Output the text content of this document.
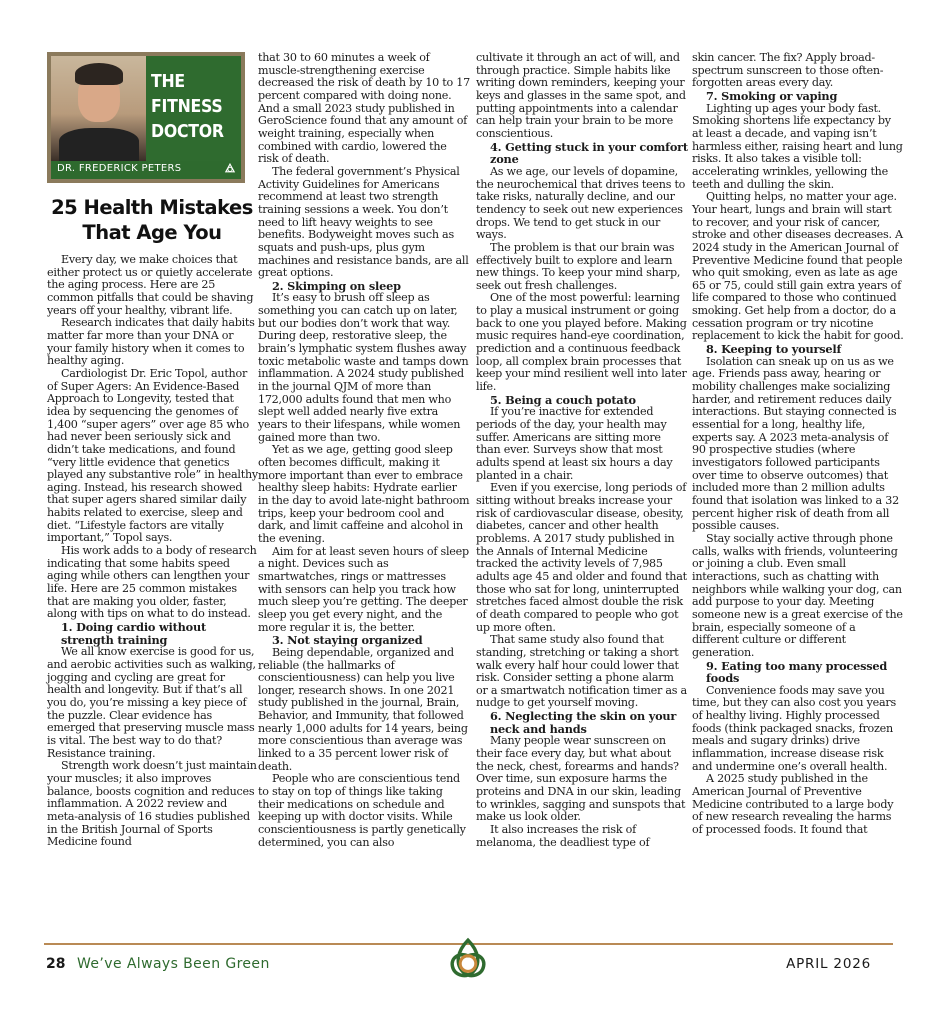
THE FITNESS
DOCTOR
DR. FREDERICK PETERS
25 Health Mistakes
That Age You

Every day, we make choices that either protect us or quietly accelerate the aging process. Here are 25 common pitfalls that could be shaving years off your healthy, vibrant life.

Research indicates that daily habits matter far more than your DNA or your family history when it comes to healthy aging.

Cardiologist Dr. Eric Topol, author of Super Agers: An Evidence-Based Approach to Longevity, tested that idea by sequencing the genomes of 1,400 “super agers” over age 85 who had never been seriously sick and didn’t take medications, and found “very little evidence that genetics played any substantive role” in healthy aging. Instead, his research showed that super agers shared similar daily habits related to exercise, sleep and diet. “Lifestyle factors are vitally important,” Topol says.

His work adds to a body of research indicating that some habits speed aging while others can lengthen your life. Here are 25 common mistakes that are making you older, faster, along with tips on what to do instead.

1. Doing cardio without strength training

We all know exercise is good for us, and aerobic activities such as walking, jogging and cycling are great for health and longevity. But if that’s all you do, you’re missing a key piece of the puzzle. Clear evidence has emerged that preserving muscle mass is vital. The best way to do that? Resistance training.

Strength work doesn’t just maintain your muscles; it also improves balance, boosts cognition and reduces inflammation. A 2022 review and meta-analysis of 16 studies published in the British Journal of Sports Medicine found

that 30 to 60 minutes a week of muscle-strengthening exercise decreased the risk of death by 10 to 17 percent compared with doing none. And a small 2023 study published in GeroScience found that any amount of weight training, especially when combined with cardio, lowered the risk of death.

The federal government’s Physical Activity Guidelines for Americans recommend at least two strength training sessions a week. You don’t need to lift heavy weights to see benefits. Bodyweight moves such as squats and push-ups, plus gym machines and resistance bands, are all great options.

2. Skimping on sleep

It’s easy to brush off sleep as something you can catch up on later, but our bodies don’t work that way. During deep, restorative sleep, the brain’s lymphatic system flushes away toxic metabolic waste and tamps down inflammation. A 2024 study published in the journal QJM of more than 172,000 adults found that men who slept well added nearly five extra years to their lifespans, while women gained more than two.

Yet as we age, getting good sleep often becomes difficult, making it more important than ever to embrace healthy sleep habits: Hydrate earlier in the day to avoid late-night bathroom trips, keep your bedroom cool and dark, and limit caffeine and alcohol in the evening.

Aim for at least seven hours of sleep a night. Devices such as smartwatches, rings or mattresses with sensors can help you track how much sleep you’re getting. The deeper sleep you get every night, and the more regular it is, the better.

3. Not staying organized

Being dependable, organized and reliable (the hallmarks of conscientiousness) can help you live longer, research shows. In one 2021 study published in the journal, Brain, Behavior, and Immunity, that followed nearly 1,000 adults for 14 years, being more conscientious than average was linked to a 35 percent lower risk of death.

People who are conscientious tend to stay on top of things like taking their medications on schedule and keeping up with doctor visits. While conscientiousness is partly genetically determined, you can also

cultivate it through an act of will, and through practice. Simple habits like writing down reminders, keeping your keys and glasses in the same spot, and putting appointments into a calendar can help train your brain to be more conscientious.

4. Getting stuck in your comfort zone

As we age, our levels of dopamine, the neurochemical that drives teens to take risks, naturally decline, and our tendency to seek out new experiences drops. We tend to get stuck in our ways.

The problem is that our brain was effectively built to explore and learn new things. To keep your mind sharp, seek out fresh challenges.

One of the most powerful: learning to play a musical instrument or going back to one you played before. Making music requires hand-eye coordination, prediction and a continuous feedback loop, all complex brain processes that keep your mind resilient well into later life.

5. Being a couch potato

If you’re inactive for extended periods of the day, your health may suffer. Americans are sitting more than ever. Surveys show that most adults spend at least six hours a day planted in a chair.

Even if you exercise, long periods of sitting without breaks increase your risk of cardiovascular disease, obesity, diabetes, cancer and other health problems. A 2017 study published in the Annals of Internal Medicine tracked the activity levels of 7,985 adults age 45 and older and found that those who sat for long, uninterrupted stretches faced almost double the risk of death compared to people who got up more often.

That same study also found that standing, stretching or taking a short walk every half hour could lower that risk. Consider setting a phone alarm or a smartwatch notification timer as a nudge to get yourself moving.

6. Neglecting the skin on your neck and hands

Many people wear sunscreen on their face every day, but what about the neck, chest, forearms and hands? Over time, sun exposure harms the proteins and DNA in our skin, leading to wrinkles, sagging and sunspots that make us look older.

It also increases the risk of melanoma, the deadliest type of

skin cancer. The fix? Apply broad-spectrum sunscreen to those often-forgotten areas every day.

7. Smoking or vaping

Lighting up ages your body fast. Smoking shortens life expectancy by at least a decade, and vaping isn’t harmless either, raising heart and lung risks. It also takes a visible toll: accelerating wrinkles, yellowing the teeth and dulling the skin.

Quitting helps, no matter your age. Your heart, lungs and brain will start to recover, and your risk of cancer, stroke and other diseases decreases. A 2024 study in the American Journal of Preventive Medicine found that people who quit smoking, even as late as age 65 or 75, could still gain extra years of life compared to those who continued smoking. Get help from a doctor, do a cessation program or try nicotine replacement to kick the habit for good.

8. Keeping to yourself

Isolation can sneak up on us as we age. Friends pass away, hearing or mobility challenges make socializing harder, and retirement reduces daily interactions. But staying connected is essential for a long, healthy life, experts say. A 2023 meta-analysis of 90 prospective studies (where investigators followed participants over time to observe outcomes) that included more than 2 million adults found that isolation was linked to a 32 percent higher risk of death from all possible causes.

Stay socially active through phone calls, walks with friends, volunteering or joining a club. Even small interactions, such as chatting with neighbors while walking your dog, can add purpose to your day. Meeting someone new is a great exercise of the brain, especially someone of a different culture or different generation.

9. Eating too many processed foods

Convenience foods may save you time, but they can also cost you years of healthy living. Highly processed foods (think packaged snacks, frozen meals and sugary drinks) drive inflammation, increase disease risk and undermine one’s overall health.

A 2025 study published in the American Journal of Preventive Medicine contributed to a large body of new research revealing the harms of processed foods. It found that

28 We’ve Always Been Green	APRIL 2026
